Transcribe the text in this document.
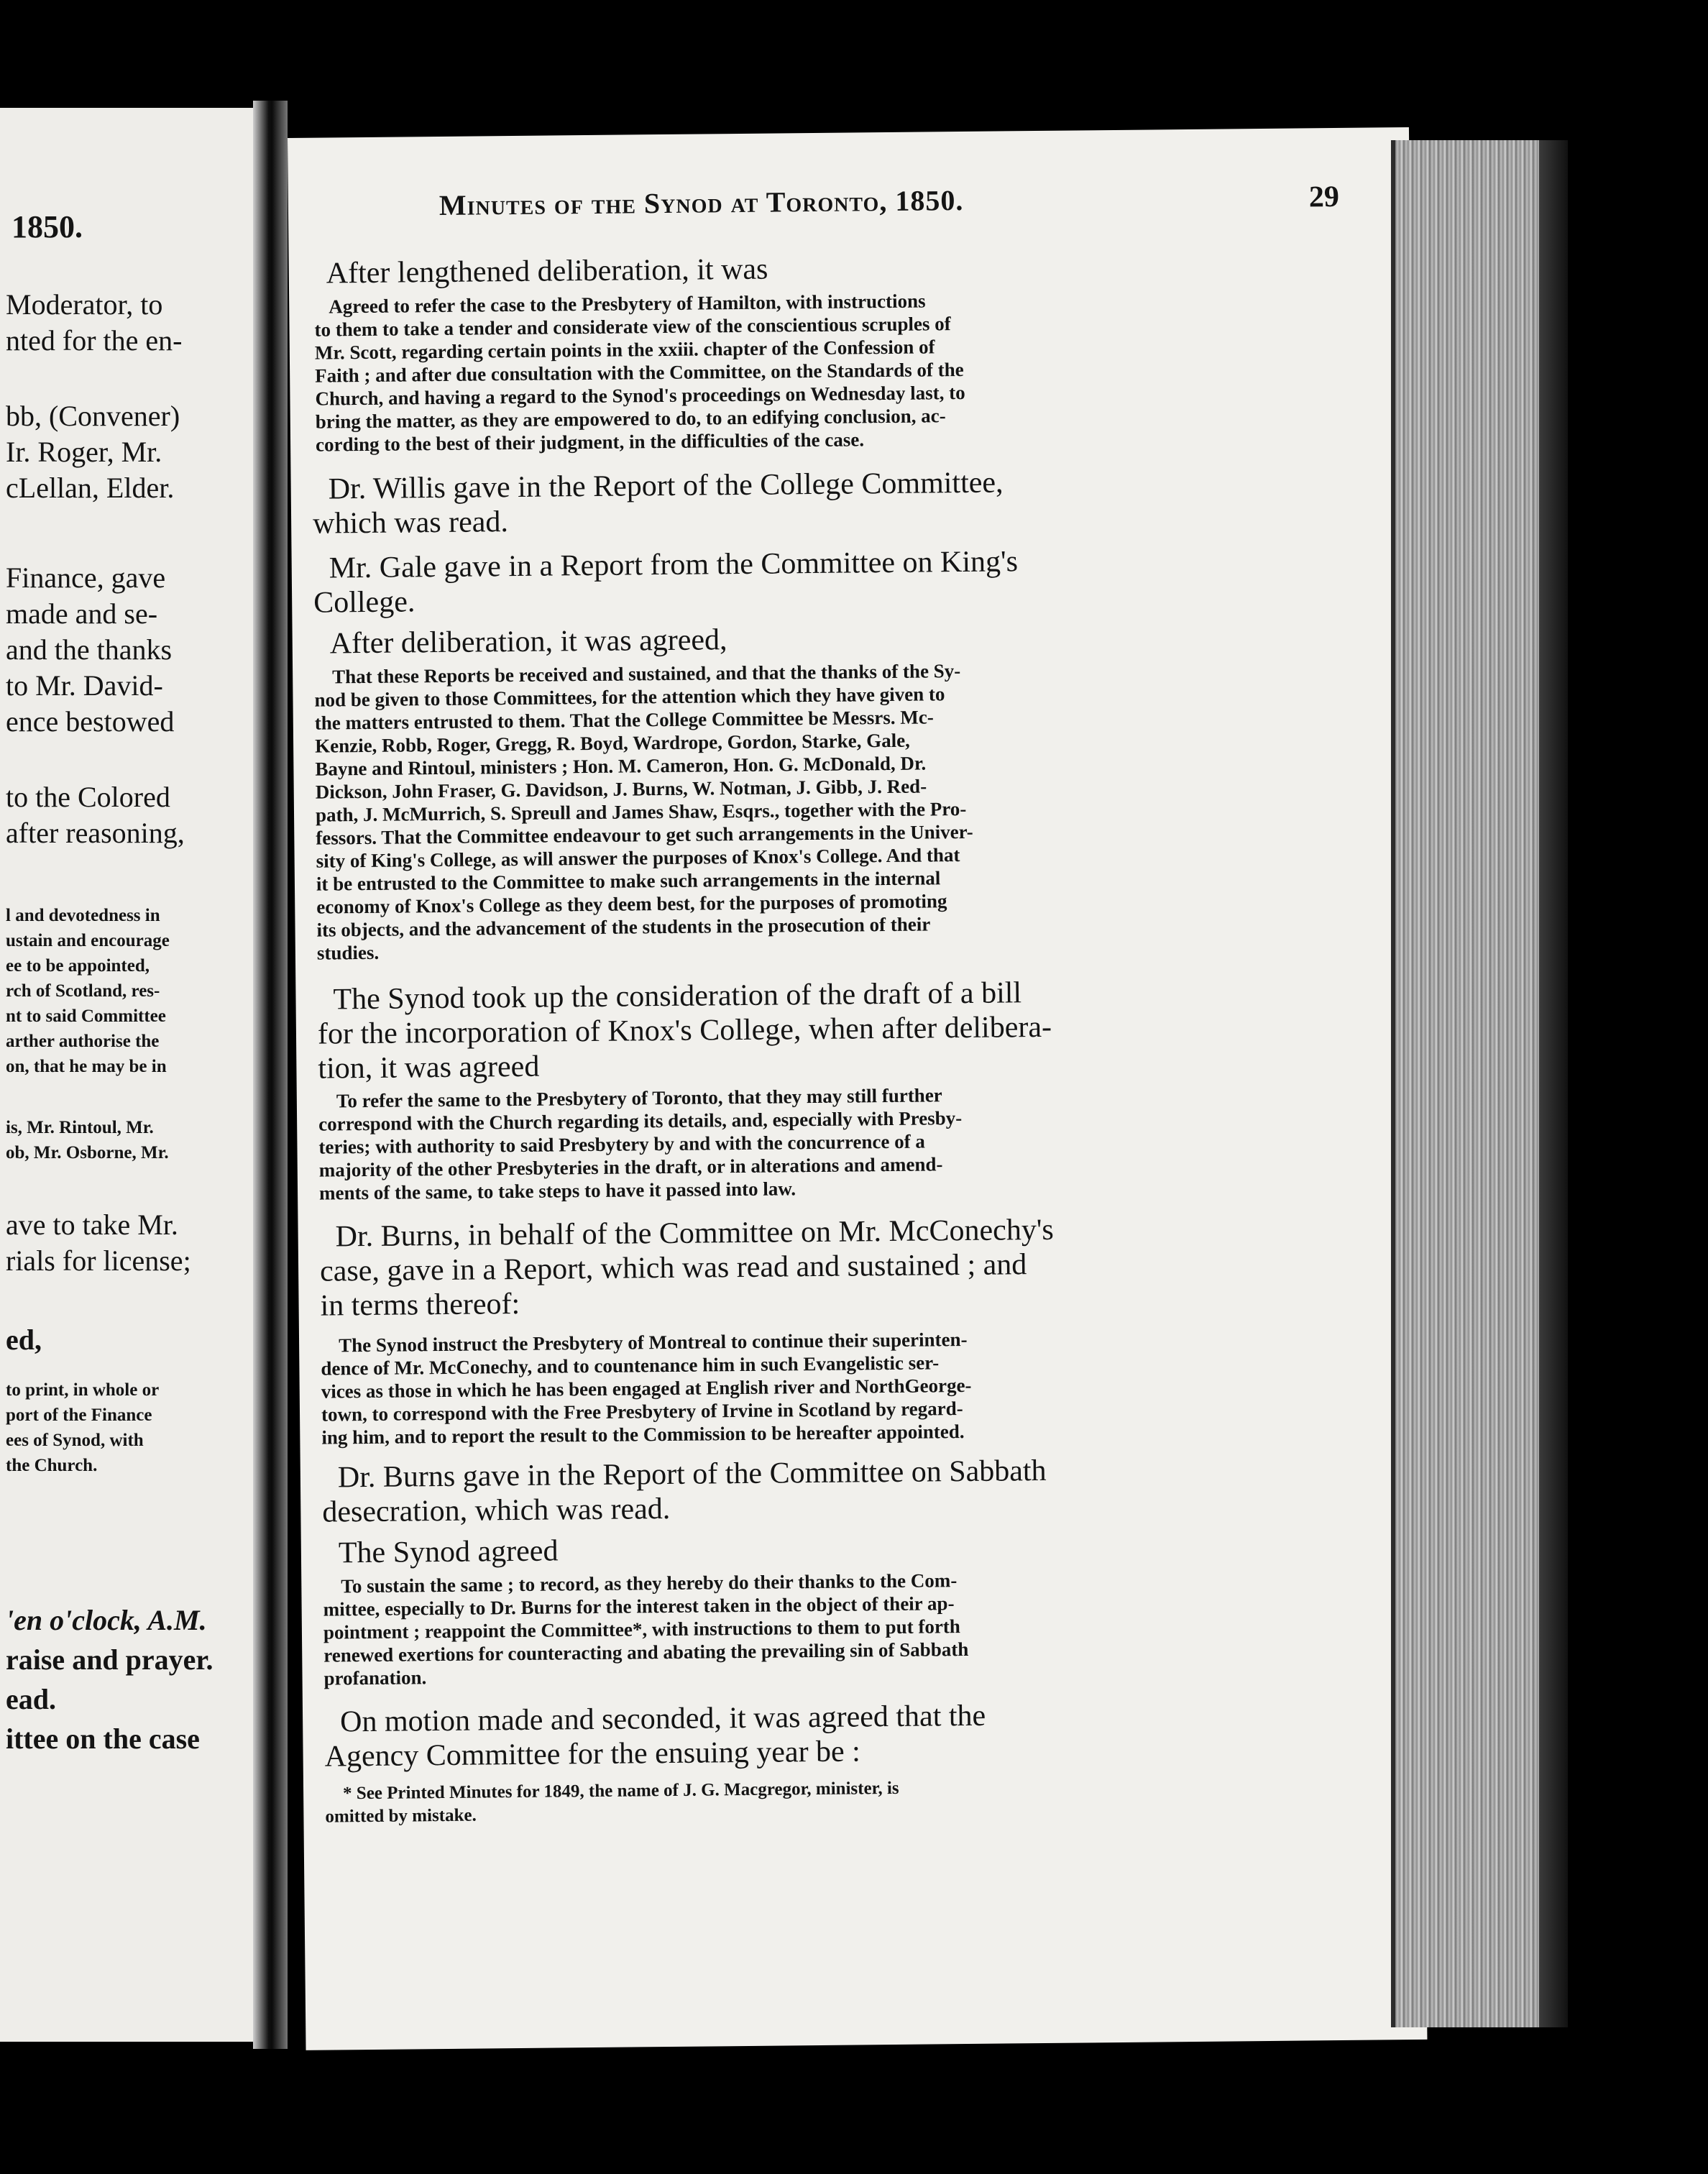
1850.
Moderator, to
nted for the en-
bb, (Convener)
Ir. Roger, Mr.
cLellan, Elder.
Finance, gave
made and se-
and the thanks
to Mr. David-
ence bestowed
to the Colored
after reasoning,
l and devotedness in
ustain and encourage
ee to be appointed,
rch of Scotland, res-
nt to said Committee
arther authorise the
on, that he may be in
is, Mr. Rintoul, Mr.
ob, Mr. Osborne, Mr.
ave to take Mr.
rials for license;
ed,
to print, in whole or
port of the Finance
ees of Synod, with
the Church.
'en o'clock, A.M.
raise and prayer.
ead.
ittee on the case
Minutes of the Synod at Toronto, 1850.	29
After lengthened deliberation, it was
Agreed to refer the case to the Presbytery of Hamilton, with instructions
to them to take a tender and considerate view of the conscientious scruples of
Mr. Scott, regarding certain points in the xxiii. chapter of the Confession of
Faith ; and after due consultation with the Committee, on the Standards of the
Church, and having a regard to the Synod's proceedings on Wednesday last, to
bring the matter, as they are empowered to do, to an edifying conclusion, ac-
cording to the best of their judgment, in the difficulties of the case.
Dr. Willis gave in the Report of the College Committee,
which was read.
Mr. Gale gave in a Report from the Committee on King's
College.
After deliberation, it was agreed,
That these Reports be received and sustained, and that the thanks of the Sy-
nod be given to those Committees, for the attention which they have given to
the matters entrusted to them. That the College Committee be Messrs. Mc-
Kenzie, Robb, Roger, Gregg, R. Boyd, Wardrope, Gordon, Starke, Gale,
Bayne and Rintoul, ministers ; Hon. M. Cameron, Hon. G. McDonald, Dr.
Dickson, John Fraser, G. Davidson, J. Burns, W. Notman, J. Gibb, J. Red-
path, J. McMurrich, S. Spreull and James Shaw, Esqrs., together with the Pro-
fessors. That the Committee endeavour to get such arrangements in the Univer-
sity of King's College, as will answer the purposes of Knox's College. And that
it be entrusted to the Committee to make such arrangements in the internal
economy of Knox's College as they deem best, for the purposes of promoting
its objects, and the advancement of the students in the prosecution of their
studies.
The Synod took up the consideration of the draft of a bill
for the incorporation of Knox's College, when after delibera-
tion, it was agreed
To refer the same to the Presbytery of Toronto, that they may still further
correspond with the Church regarding its details, and, especially with Presby-
teries; with authority to said Presbytery by and with the concurrence of a
majority of the other Presbyteries in the draft, or in alterations and amend-
ments of the same, to take steps to have it passed into law.
Dr. Burns, in behalf of the Committee on Mr. McConechy's
case, gave in a Report, which was read and sustained ; and
in terms thereof:
The Synod instruct the Presbytery of Montreal to continue their superinten-
dence of Mr. McConechy, and to countenance him in such Evangelistic ser-
vices as those in which he has been engaged at English river and NorthGeorge-
town, to correspond with the Free Presbytery of Irvine in Scotland by regard-
ing him, and to report the result to the Commission to be hereafter appointed.
Dr. Burns gave in the Report of the Committee on Sabbath
desecration, which was read.
The Synod agreed
To sustain the same ; to record, as they hereby do their thanks to the Com-
mittee, especially to Dr. Burns for the interest taken in the object of their ap-
pointment ; reappoint the Committee*, with instructions to them to put forth
renewed exertions for counteracting and abating the prevailing sin of Sabbath
profanation.
On motion made and seconded, it was agreed that the
Agency Committee for the ensuing year be :
* See Printed Minutes for 1849, the name of J. G. Macgregor, minister, is
omitted by mistake.
